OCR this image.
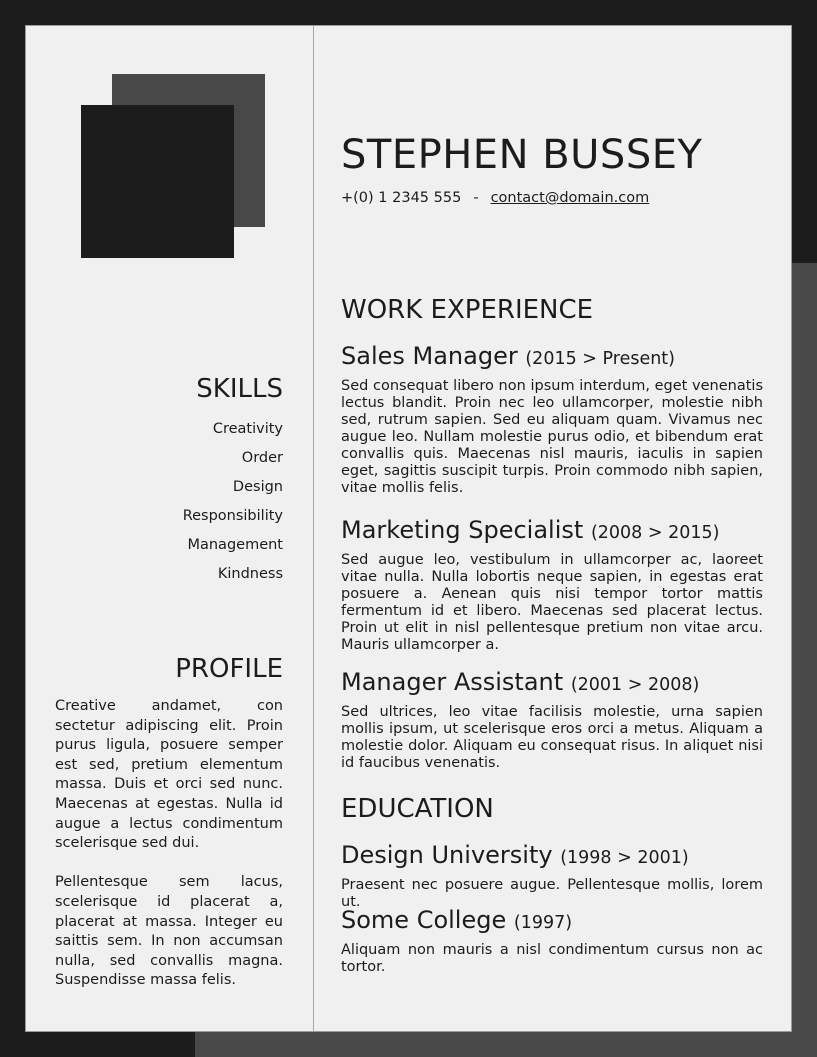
SKILLS
Creativity
Order
Design
Responsibility
Management
Kindness
PROFILE

Creative andamet, con sectetur adipiscing elit. Proin purus ligula, posuere semper est sed, pretium elementum massa. Duis et orci sed nunc. Maecenas at egestas. Nulla id augue a lectus condimentum scelerisque sed dui.

Pellentesque sem lacus, scelerisque id placerat a, placerat at massa. Integer eu saittis sem. In non accumsan nulla, sed convallis magna. Suspendisse massa felis.

STEPHEN BUSSEY
+(0) 1 2345 555 - contact@domain.com
WORK EXPERIENCE
Sales Manager (2015 > Present)

Sed consequat libero non ipsum interdum, eget venenatis lectus blandit. Proin nec leo ullamcorper, molestie nibh sed, rutrum sapien. Sed eu aliquam quam. Vivamus nec augue leo. Nullam molestie purus odio, et bibendum erat convallis quis. Maecenas nisl mauris, iaculis in sapien eget, sagittis suscipit turpis. Proin commodo nibh sapien, vitae mollis felis.

Marketing Specialist (2008 > 2015)

Sed augue leo, vestibulum in ullamcorper ac, laoreet vitae nulla. Nulla lobortis neque sapien, in egestas erat posuere a. Aenean quis nisi tempor tortor mattis fermentum id et libero. Maecenas sed placerat lectus. Proin ut elit in nisl pellentesque pretium non vitae arcu. Mauris ullamcorper a.

Manager Assistant (2001 > 2008)

Sed ultrices, leo vitae facilisis molestie, urna sapien mollis ipsum, ut scelerisque eros orci a metus. Aliquam a molestie dolor. Aliquam eu consequat risus. In aliquet nisi id faucibus venenatis.

EDUCATION
Design University (1998 > 2001)

Praesent nec posuere augue. Pellentesque mollis, lorem ut.

Some College (1997)

Aliquam non mauris a nisl condimentum cursus non ac tortor.
